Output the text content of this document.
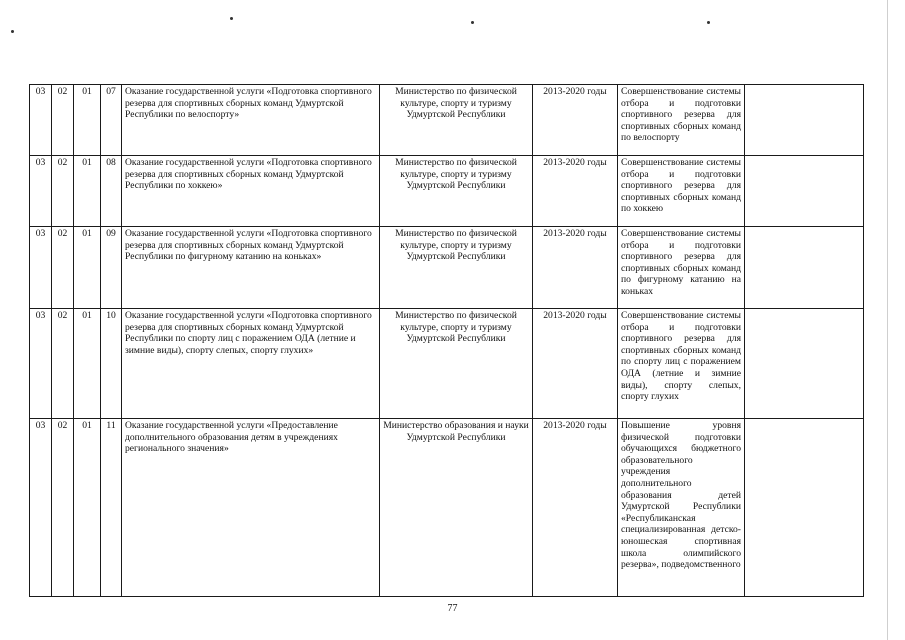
03	02	01	07	Оказание государственной услуги «Подготовка спортивного резерва для спортивных сборных команд Удмуртской Республики по велоспорту»	Министерство по физической культуре, спорту и туризму Удмуртской Республики	2013-2020 годы	Совершенствование системы отбора и подготовки спортивного резерва для спортивных сборных команд по велоспорту	
03	02	01	08	Оказание государственной услуги «Подготовка спортивного резерва для спортивных сборных команд Удмуртской Республики по хоккею»	Министерство по физической культуре, спорту и туризму Удмуртской Республики	2013-2020 годы	Совершенствование системы отбора и подготовки спортивного резерва для спортивных сборных команд по хоккею	
03	02	01	09	Оказание государственной услуги «Подготовка спортивного резерва для спортивных сборных команд Удмуртской Республики по фигурному катанию на коньках»	Министерство по физической культуре, спорту и туризму Удмуртской Республики	2013-2020 годы	Совершенствование системы отбора и подготовки спортивного резерва для спортивных сборных команд по фигурному катанию на коньках	
03	02	01	10	Оказание государственной услуги «Подготовка спортивного резерва для спортивных сборных команд Удмуртской Республики по спорту лиц с поражением ОДА (летние и зимние виды), спорту слепых, спорту глухих»	Министерство по физической культуре, спорту и туризму Удмуртской Республики	2013-2020 годы	Совершенствование системы отбора и подготовки спортивного резерва для спортивных сборных команд по спорту лиц с поражением ОДА (летние и зимние виды), спорту слепых, спорту глухих	
03	02	01	11	Оказание государственной услуги «Предоставление дополнительного образования детям в учреждениях регионального значения»	Министерство образования и науки Удмуртской Республики	2013-2020 годы	Повышение уровня физической подготовки обучающихся бюджетного образовательного учреждения дополнительного образования детей Удмуртской Республики «Республиканская специализированная детско-юношеская спортивная школа олимпийского резерва», подведомственного	
77
